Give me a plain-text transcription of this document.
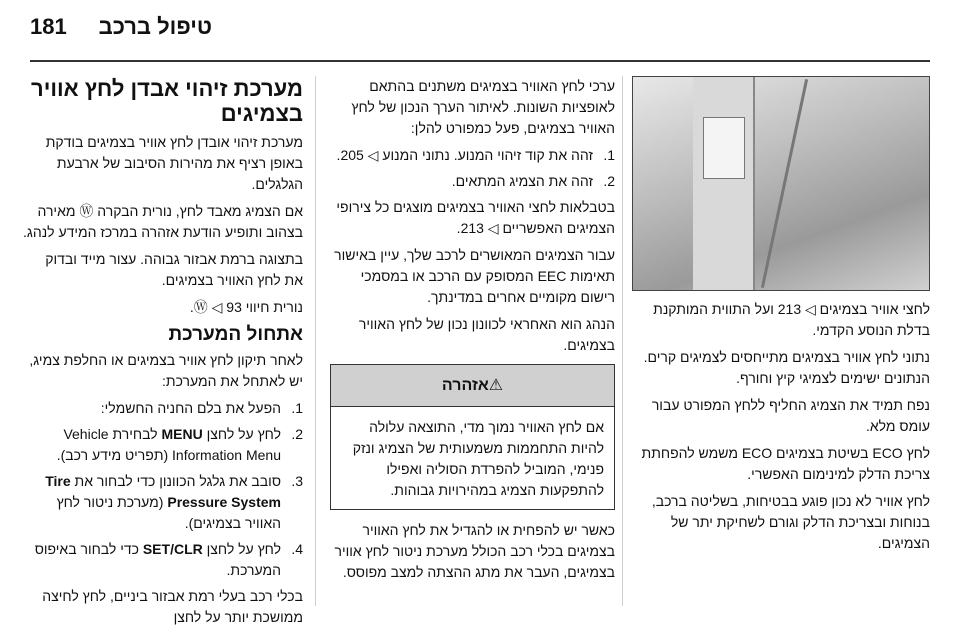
181 טיפול ברכב

לחצי אוויר בצמיגים ◁ 213 ועל התווית המותקנת בדלת הנוסע הקדמי.

נתוני לחץ אוויר בצמיגים מתייחסים לצמיגים קרים. הנתונים ישימים לצמיגי קיץ וחורף.

נפח תמיד את הצמיג החליף ללחץ המפורט עבור עומס מלא.

לחץ ECO בשיטת בצמיגים ECO משמש להפחתת צריכת הדלק למינימום האפשרי.

לחץ אוויר לא נכון פוגע בבטיחות, בשליטה ברכב, בנוחות ובצריכת הדלק וגורם לשחיקת יתר של הצמיגים.

ערכי לחץ האוויר בצמיגים משתנים בהתאם לאופציות השונות. לאיתור הערך הנכון של לחץ האוויר בצמיגים, פעל כמפורט להלן:

1.
זהה את קוד זיהוי המנוע. נתוני המנוע ◁ 205.
2.
זהה את הצמיג המתאים.

בטבלאות לחצי האוויר בצמיגים מוצגים כל צירופי הצמיגים האפשריים ◁ 213.

עבור הצמיגים המאושרים לרכב שלך, עיין באישור תאימות EEC המסופק עם הרכב או במסמכי רישום מקומיים אחרים במדינתך.

הנהג הוא האחראי לכוונון נכון של לחץ האוויר בצמיגים.

⚠אזהרה
אם לחץ האוויר נמוך מדי, התוצאה עלולה להיות התחממות משמעותית של הצמיג ונזק פנימי, המוביל להפרדת הסוליה ואפילו להתפקעות הצמיג במהירויות גבוהות.

כאשר יש להפחית או להגדיל את לחץ האוויר בצמיגים בכלי רכב הכולל מערכת ניטור לחץ אוויר בצמיגים, העבר את מתג ההצתה למצב מפוסס.

מערכת זיהוי אבדן לחץ אוויר בצמיגים

מערכת זיהוי אובדן לחץ אוויר בצמיגים בודקת באופן רציף את מהירות הסיבוב של ארבעת הגלגלים.

אם הצמיג מאבד לחץ, נורית הבקרה Ⓦ מאירה בצהוב ותופיע הודעת אזהרה במרכז המידע לנהג.

בתצוגה ברמת אבזור גבוהה. עצור מייד ובדוק את לחץ האוויר בצמיגים.

נורית חיווי Ⓦ ◁ 93.

אתחול המערכת

לאחר תיקון לחץ אוויר בצמיגים או החלפת צמיג, יש לאתחל את המערכת:

1.
הפעל את בלם החניה החשמלי:
2.
לחץ על לחצן MENU לבחירת Vehicle Information Menu (תפריט מידע רכב).
3.
סובב את גלגל הכוונון כדי לבחור את Tire Pressure System (מערכת ניטור לחץ האוויר בצמיגים).
4.
לחץ על לחצן SET/CLR כדי לבחור באיפוס המערכת.

בכלי רכב בעלי רמת אבזור ביניים, לחץ לחיצה ממושכת יותר על לחצן
